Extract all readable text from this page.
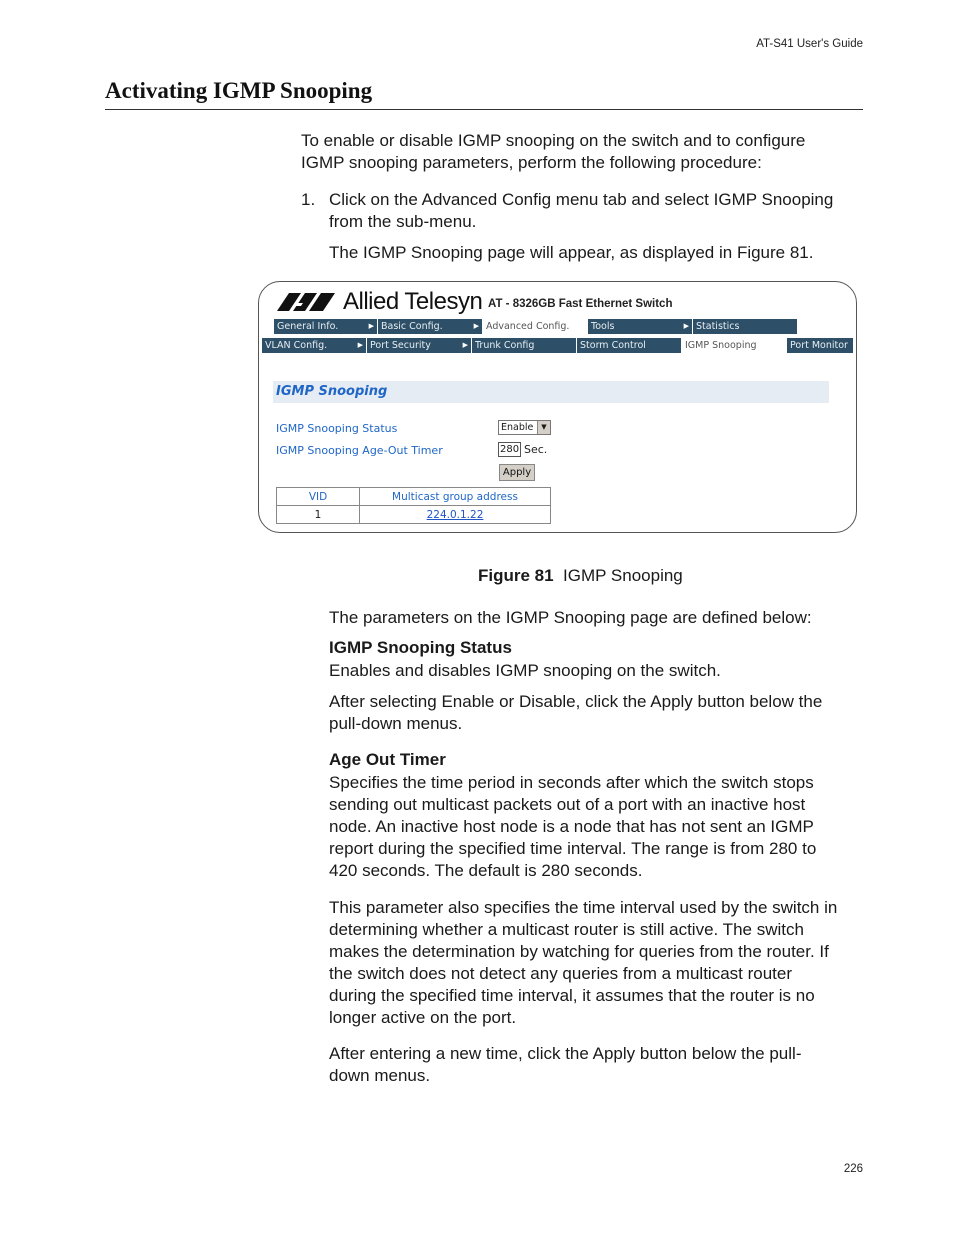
AT-S41 User's Guide
Activating IGMP Snooping
To enable or disable IGMP snooping on the switch and to configure IGMP snooping parameters, perform the following procedure:
1. Click on the Advanced Config menu tab and select IGMP Snooping from the sub-menu.
The IGMP Snooping page will appear, as displayed in Figure 81.
Allied Telesyn AT - 8326GB Fast Ethernet Switch
General Info. ▶	Basic Config. ▶	Advanced Config. ▶	Tools ▶	Statistics
VLAN Config. ▶	Port Security ▶	Trunk Config	Storm Control	IGMP Snooping	Port Monitor
IGMP Snooping
IGMP Snooping Status	Enable	▼
IGMP Snooping Age-Out Timer	280 Sec.
Apply
VID	Multicast group address
1	224.0.1.22
Figure 81 IGMP Snooping
The parameters on the IGMP Snooping page are defined below:
IGMP Snooping Status
Enables and disables IGMP snooping on the switch.
After selecting Enable or Disable, click the Apply button below the pull-down menus.
Age Out Timer
Specifies the time period in seconds after which the switch stops sending out multicast packets out of a port with an inactive host node. An inactive host node is a node that has not sent an IGMP report during the specified time interval. The range is from 280 to 420 seconds. The default is 280 seconds.
This parameter also specifies the time interval used by the switch in determining whether a multicast router is still active. The switch makes the determination by watching for queries from the router. If the switch does not detect any queries from a multicast router during the specified time interval, it assumes that the router is no longer active on the port.
After entering a new time, click the Apply button below the pull-down menus.
226
